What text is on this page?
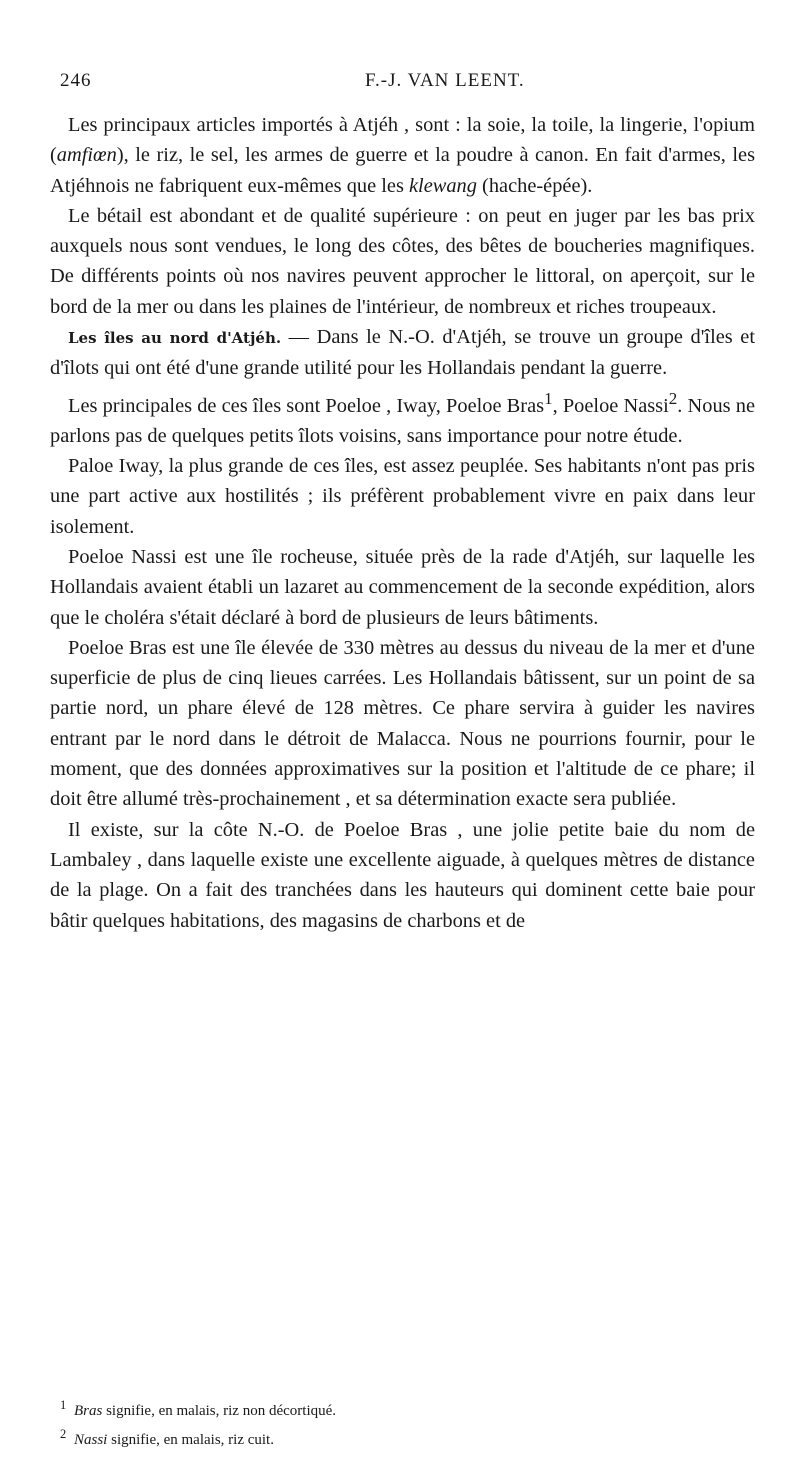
246	F.-J. VAN LEENT.

Les principaux articles importés à Atjéh , sont : la soie, la toile, la lingerie, l'opium (amfiœn), le riz, le sel, les armes de guerre et la poudre à canon. En fait d'armes, les Atjéhnois ne fabriquent eux-mêmes que les klewang (hache-épée).

Le bétail est abondant et de qualité supérieure : on peut en juger par les bas prix auxquels nous sont vendues, le long des côtes, des bêtes de boucheries magnifiques. De différents points où nos navires peuvent approcher le littoral, on aperçoit, sur le bord de la mer ou dans les plaines de l'intérieur, de nombreux et riches troupeaux.

Les îles au nord d'Atjéh. — Dans le N.-O. d'Atjéh, se trouve un groupe d'îles et d'îlots qui ont été d'une grande utilité pour les Hollandais pendant la guerre.

Les principales de ces îles sont Poeloe , Iway, Poeloe Bras$^1$, Poeloe Nassi$^2$. Nous ne parlons pas de quelques petits îlots voisins, sans importance pour notre étude.

Paloe Iway, la plus grande de ces îles, est assez peuplée. Ses habitants n'ont pas pris une part active aux hostilités ; ils préfèrent probablement vivre en paix dans leur isolement.

Poeloe Nassi est une île rocheuse, située près de la rade d'Atjéh, sur laquelle les Hollandais avaient établi un lazaret au commencement de la seconde expédition, alors que le choléra s'était déclaré à bord de plusieurs de leurs bâtiments.

Poeloe Bras est une île élevée de 330 mètres au dessus du niveau de la mer et d'une superficie de plus de cinq lieues carrées. Les Hollandais bâtissent, sur un point de sa partie nord, un phare élevé de 128 mètres. Ce phare servira à guider les navires entrant par le nord dans le détroit de Malacca. Nous ne pourrions fournir, pour le moment, que des données approximatives sur la position et l'altitude de ce phare; il doit être allumé très-prochainement , et sa détermination exacte sera publiée.

Il existe, sur la côte N.-O. de Poeloe Bras , une jolie petite baie du nom de Lambaley , dans laquelle existe une excellente aiguade, à quelques mètres de distance de la plage. On a fait des tranchées dans les hauteurs qui dominent cette baie pour bâtir quelques habitations, des magasins de charbons et de

$^1$ Bras signifie, en malais, riz non décortiqué.
$^2$ Nassi signifie, en malais, riz cuit.
